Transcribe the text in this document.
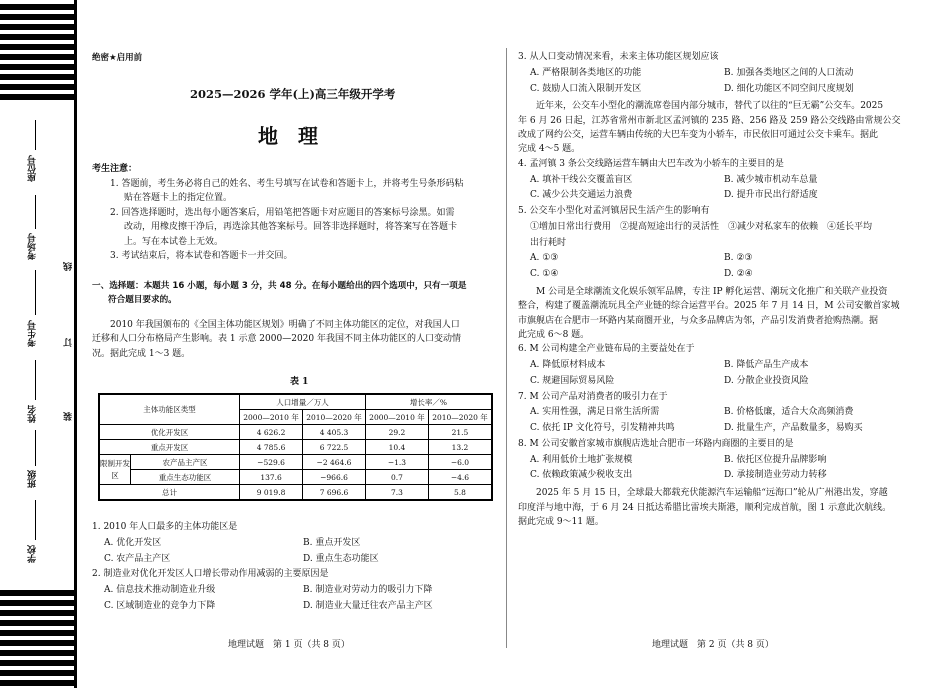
座位号
考场号
考生号
姓名
班级
学校
线
订
装
绝密★启用前
2025—2026 学年(上)高三年级开学考
地　理
考生注意：
1. 答题前，考生务必将自己的姓名、考生号填写在试卷和答题卡上，并将考生号条形码粘
贴在答题卡上的指定位置。
2. 回答选择题时，选出每小题答案后，用铅笔把答题卡对应题目的答案标号涂黑。如需
改动，用橡皮擦干净后，再选涂其他答案标号。回答非选择题时，将答案写在答题卡
上。写在本试卷上无效。
3. 考试结束后，将本试卷和答题卡一并交回。
一、选择题：本题共 16 小题，每小题 3 分，共 48 分。在每小题给出的四个选项中，只有一项是
符合题目要求的。
2010 年我国颁布的《全国主体功能区规划》明确了不同主体功能区的定位，对我国人口
迁移和人口分布格局产生影响。表 1 示意 2000—2020 年我国不同主体功能区的人口变动情
况。据此完成 1～3 题。
表 1
主体功能区类型		人口增量／万人		增长率／%	
		2000—2010 年	2010—2020 年	2000—2010 年	2010—2020 年
优化开发区		4 626.2	4 405.3	29.2	21.5
重点开发区		4 785.6	6 722.5	10.4	13.2
限制开发区	农产品主产区	−529.6	−2 464.6	−1.3	−6.0
	重点生态功能区	137.6	−966.6	0.7	−4.6
总计		9 019.8	7 696.6	7.3	5.8
1. 2010 年人口最多的主体功能区是
A. 优化开发区	B. 重点开发区
C. 农产品主产区	D. 重点生态功能区
2. 制造业对优化开发区人口增长带动作用减弱的主要原因是
A. 信息技术推动制造业升级	B. 制造业对劳动力的吸引力下降
C. 区域制造业的竞争力下降	D. 制造业大量迁往农产品主产区
地理试题　第 1 页（共 8 页）
3. 从人口变动情况来看，未来主体功能区规划应该
A. 严格限制各类地区的功能	B. 加强各类地区之间的人口流动
C. 鼓励人口流入限制开发区	D. 细化功能区不同空间尺度规划
近年来，公交车小型化的潮流席卷国内部分城市，替代了以往的“巨无霸”公交车。2025
年 6 月 26 日起，江苏省常州市新北区孟河镇的 235 路、256 路及 259 路公交线路由常规公交
改成了网约公交，运营车辆由传统的大巴车变为小轿车，市民依旧可通过公交卡乘车。据此
完成 4～5 题。
4. 孟河镇 3 条公交线路运营车辆由大巴车改为小轿车的主要目的是
A. 填补干线公交覆盖盲区	B. 减少城市机动车总量
C. 减少公共交通运力浪费	D. 提升市民出行舒适度
5. 公交车小型化对孟河镇居民生活产生的影响有
①增加日常出行费用　②提高短途出行的灵活性　③减少对私家车的依赖　④延长平均
出行耗时
A. ①③	B. ②③
C. ①④	D. ②④
M 公司是全球潮流文化娱乐领军品牌，专注 IP 孵化运营、潮玩文化推广和关联产业投资
整合，构建了覆盖潮流玩具全产业链的综合运营平台。2025 年 7 月 14 日，M 公司安徽首家城
市旗舰店在合肥市一环路内某商圈开业，与众多品牌店为邻，产品引发消费者抢购热潮。据
此完成 6～8 题。
6. M 公司构建全产业链布局的主要益处在于
A. 降低原材料成本	B. 降低产品生产成本
C. 规避国际贸易风险	D. 分散企业投资风险
7. M 公司产品对消费者的吸引力在于
A. 实用性强，满足日常生活所需	B. 价格低廉，适合大众高频消费
C. 依托 IP 文化符号，引发精神共鸣	D. 批量生产，产品数量多，易购买
8. M 公司安徽首家城市旗舰店选址合肥市一环路内商圈的主要目的是
A. 利用低价土地扩张规模	B. 依托区位提升品牌影响
C. 依赖政策减少税收支出	D. 承接制造业劳动力转移
2025 年 5 月 15 日，全球最大都载充伏能源汽车运输船“远海口”轮从广州港出发，穿越
印度洋与地中海，于 6 月 24 日抵达希腊比雷埃夫斯港，顺利完成首航，图 1 示意此次航线。
据此完成 9～11 题。
地理试题　第 2 页（共 8 页）
